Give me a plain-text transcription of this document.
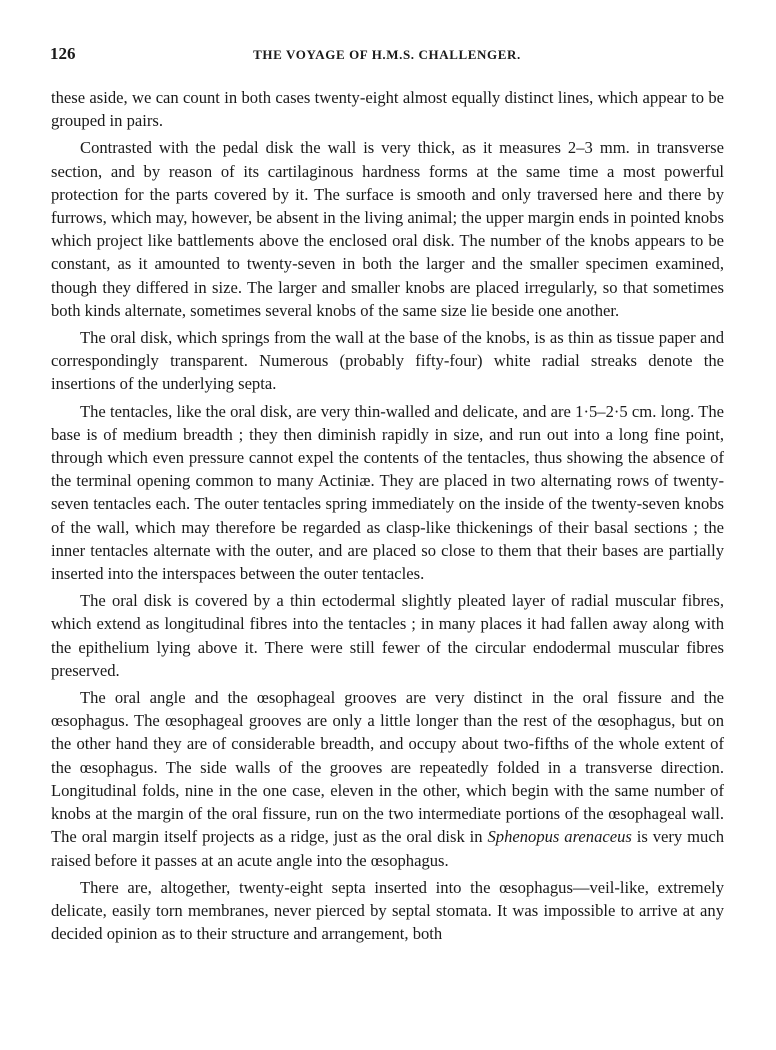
126	THE VOYAGE OF H.M.S. CHALLENGER.

these aside, we can count in both cases twenty-eight almost equally distinct lines, which appear to be grouped in pairs.

Contrasted with the pedal disk the wall is very thick, as it measures 2–3 mm. in transverse section, and by reason of its cartilaginous hardness forms at the same time a most powerful protection for the parts covered by it. The surface is smooth and only traversed here and there by furrows, which may, however, be absent in the living animal; the upper margin ends in pointed knobs which project like battlements above the enclosed oral disk. The number of the knobs appears to be constant, as it amounted to twenty-seven in both the larger and the smaller specimen examined, though they differed in size. The larger and smaller knobs are placed irregularly, so that sometimes both kinds alternate, sometimes several knobs of the same size lie beside one another.

The oral disk, which springs from the wall at the base of the knobs, is as thin as tissue paper and correspondingly transparent. Numerous (probably fifty-four) white radial streaks denote the insertions of the underlying septa.

The tentacles, like the oral disk, are very thin-walled and delicate, and are 1·5–2·5 cm. long. The base is of medium breadth ; they then diminish rapidly in size, and run out into a long fine point, through which even pressure cannot expel the contents of the tentacles, thus showing the absence of the terminal opening common to many Actiniæ. They are placed in two alternating rows of twenty-seven tentacles each. The outer tentacles spring immediately on the inside of the twenty-seven knobs of the wall, which may therefore be regarded as clasp-like thickenings of their basal sections ; the inner tentacles alternate with the outer, and are placed so close to them that their bases are partially inserted into the interspaces between the outer tentacles.

The oral disk is covered by a thin ectodermal slightly pleated layer of radial muscular fibres, which extend as longitudinal fibres into the tentacles ; in many places it had fallen away along with the epithelium lying above it. There were still fewer of the circular endodermal muscular fibres preserved.

The oral angle and the œsophageal grooves are very distinct in the oral fissure and the œsophagus. The œsophageal grooves are only a little longer than the rest of the œsophagus, but on the other hand they are of considerable breadth, and occupy about two-fifths of the whole extent of the œsophagus. The side walls of the grooves are repeatedly folded in a transverse direction. Longitudinal folds, nine in the one case, eleven in the other, which begin with the same number of knobs at the margin of the oral fissure, run on the two intermediate portions of the œsophageal wall. The oral margin itself projects as a ridge, just as the oral disk in Sphenopus arenaceus is very much raised before it passes at an acute angle into the œsophagus.

There are, altogether, twenty-eight septa inserted into the œsophagus—veil-like, extremely delicate, easily torn membranes, never pierced by septal stomata. It was impossible to arrive at any decided opinion as to their structure and arrangement, both
